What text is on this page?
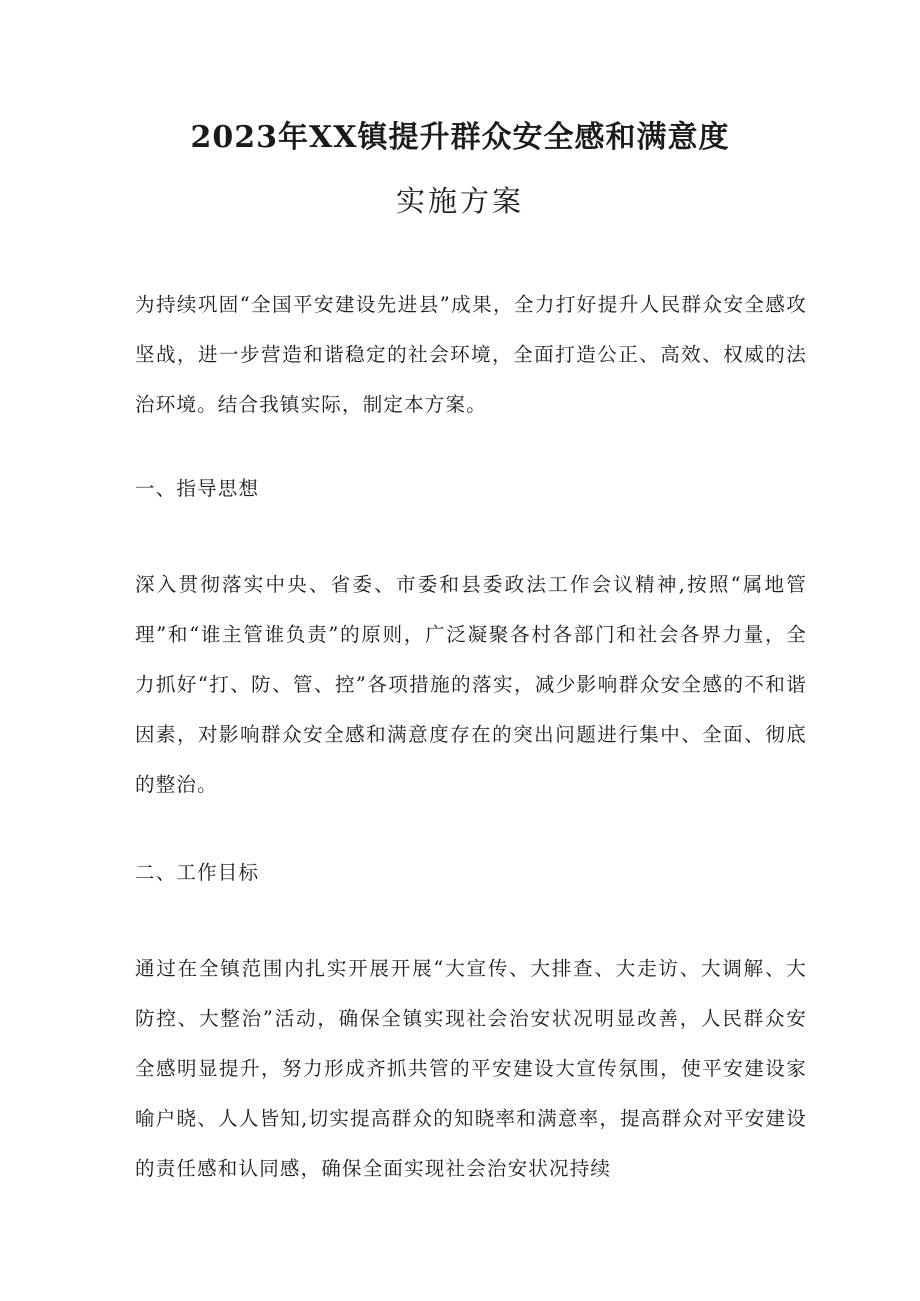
2023年XX镇提升群众安全感和满意度
实施方案

为持续巩固“全国平安建设先进县”成果，全力打好提升人民群众安全感攻坚战，进一步营造和谐稳定的社会环境，全面打造公正、高效、权威的法治环境。结合我镇实际，制定本方案。

一、指导思想

深入贯彻落实中央、省委、市委和县委政法工作会议精神,按照“属地管理”和“谁主管谁负责”的原则，广泛凝聚各村各部门和社会各界力量，全力抓好“打、防、管、控”各项措施的落实，减少影响群众安全感的不和谐因素，对影响群众安全感和满意度存在的突出问题进行集中、全面、彻底的整治。

二、工作目标

通过在全镇范围内扎实开展开展“大宣传、大排查、大走访、大调解、大防控、大整治”活动，确保全镇实现社会治安状况明显改善，人民群众安全感明显提升，努力形成齐抓共管的平安建设大宣传氛围，使平安建设家喻户晓、人人皆知,切实提高群众的知晓率和满意率，提高群众对平安建设的责任感和认同感，确保全面实现社会治安状况持续
